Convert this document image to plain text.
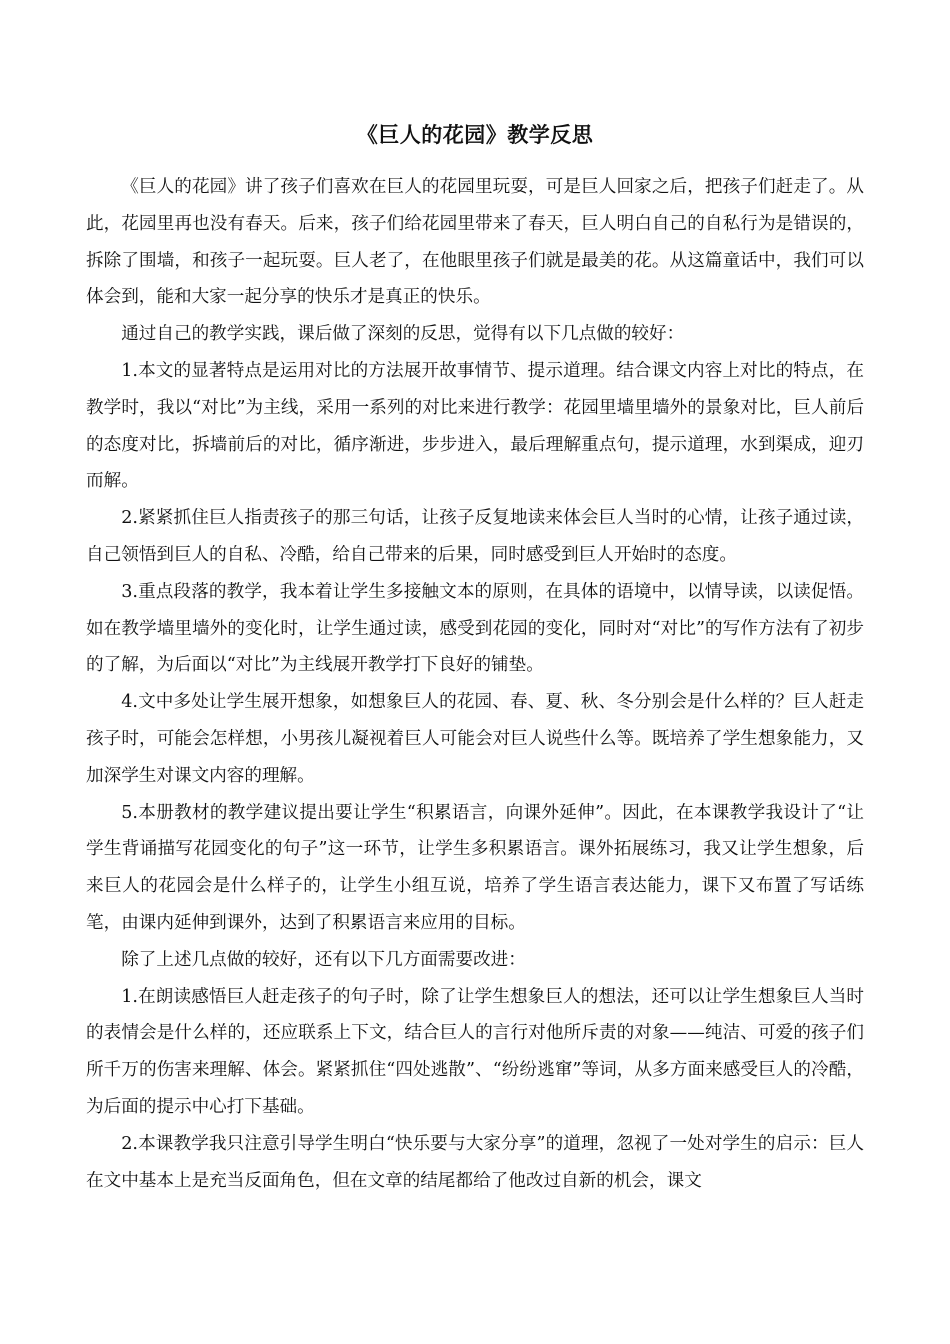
《巨人的花园》教学反思

《巨人的花园》讲了孩子们喜欢在巨人的花园里玩耍，可是巨人回家之后，把孩子们赶走了。从此，花园里再也没有春天。后来，孩子们给花园里带来了春天，巨人明白自己的自私行为是错误的，拆除了围墙，和孩子一起玩耍。巨人老了，在他眼里孩子们就是最美的花。从这篇童话中，我们可以体会到，能和大家一起分享的快乐才是真正的快乐。

通过自己的教学实践，课后做了深刻的反思，觉得有以下几点做的较好：

1.本文的显著特点是运用对比的方法展开故事情节、提示道理。结合课文内容上对比的特点，在教学时，我以“对比”为主线，采用一系列的对比来进行教学：花园里墙里墙外的景象对比，巨人前后的态度对比，拆墙前后的对比，循序渐进，步步进入，最后理解重点句，提示道理，水到渠成，迎刃而解。

2.紧紧抓住巨人指责孩子的那三句话，让孩子反复地读来体会巨人当时的心情，让孩子通过读，自己领悟到巨人的自私、冷酷，给自己带来的后果，同时感受到巨人开始时的态度。

3.重点段落的教学，我本着让学生多接触文本的原则，在具体的语境中，以情导读，以读促悟。如在教学墙里墙外的变化时，让学生通过读，感受到花园的变化，同时对“对比”的写作方法有了初步的了解，为后面以“对比”为主线展开教学打下良好的铺垫。

4.文中多处让学生展开想象，如想象巨人的花园、春、夏、秋、冬分别会是什么样的？巨人赶走孩子时，可能会怎样想，小男孩儿凝视着巨人可能会对巨人说些什么等。既培养了学生想象能力，又加深学生对课文内容的理解。

5.本册教材的教学建议提出要让学生“积累语言，向课外延伸”。因此，在本课教学我设计了“让学生背诵描写花园变化的句子”这一环节，让学生多积累语言。课外拓展练习，我又让学生想象，后来巨人的花园会是什么样子的，让学生小组互说，培养了学生语言表达能力，课下又布置了写话练笔，由课内延伸到课外，达到了积累语言来应用的目标。

除了上述几点做的较好，还有以下几方面需要改进：

1.在朗读感悟巨人赶走孩子的句子时，除了让学生想象巨人的想法，还可以让学生想象巨人当时的表情会是什么样的，还应联系上下文，结合巨人的言行对他所斥责的对象——纯洁、可爱的孩子们所千万的伤害来理解、体会。紧紧抓住“四处逃散”、“纷纷逃窜”等词，从多方面来感受巨人的冷酷，为后面的提示中心打下基础。

2.本课教学我只注意引导学生明白“快乐要与大家分享”的道理，忽视了一处对学生的启示：巨人在文中基本上是充当反面角色，但在文章的结尾都给了他改过自新的机会，课文
